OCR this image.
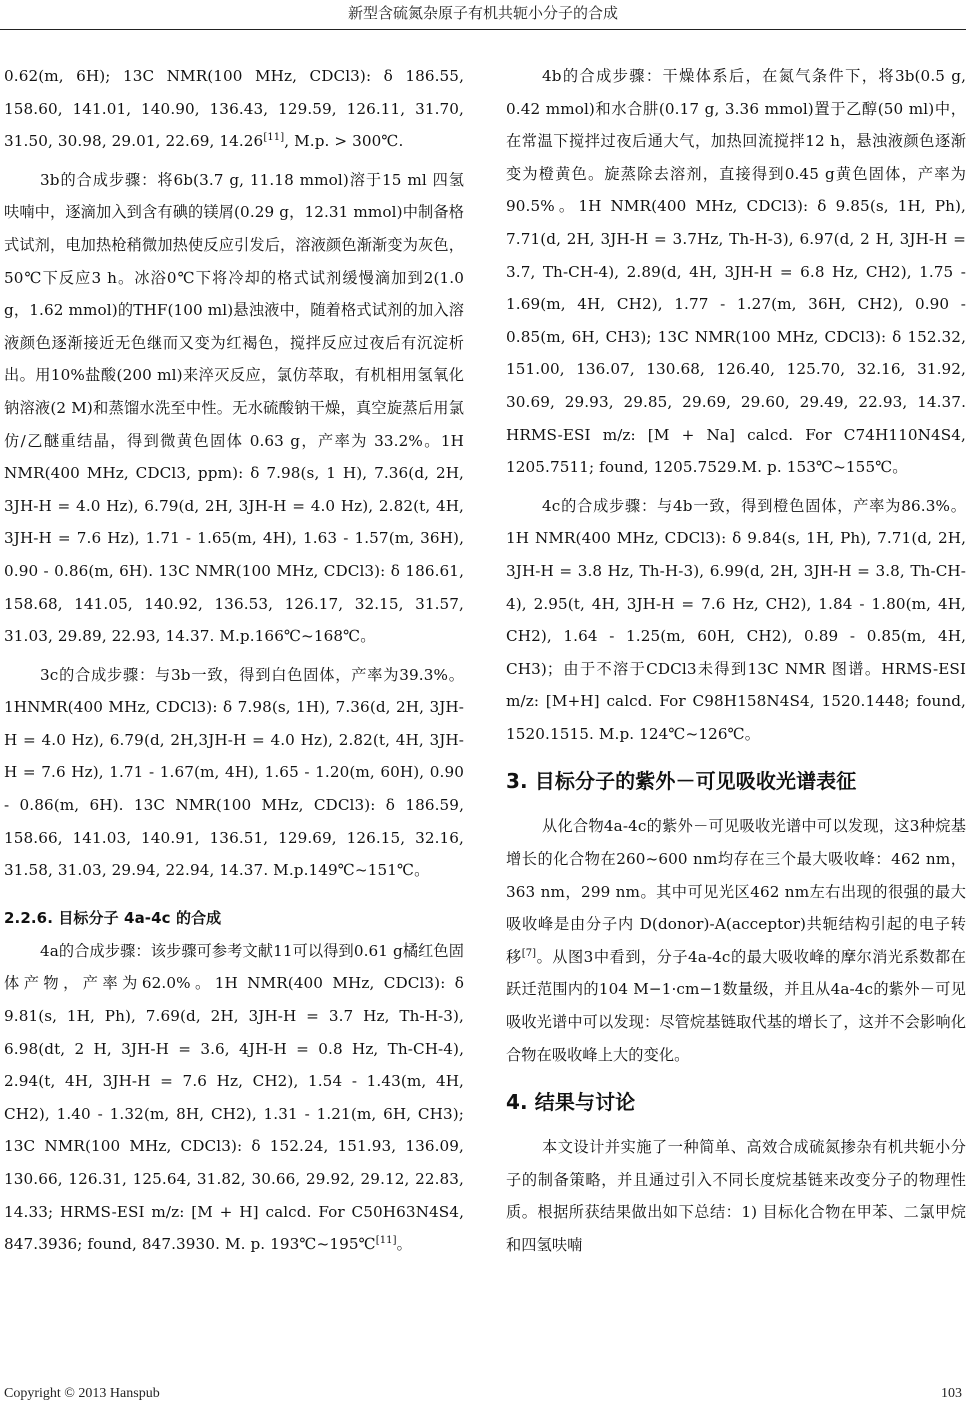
新型含硫氮杂原子有机共轭小分子的合成

0.62(m, 6H); 13C NMR(100 MHz, CDCl3): δ 186.55, 158.60, 141.01, 140.90, 136.43, 129.59, 126.11, 31.70, 31.50, 30.98, 29.01, 22.69, 14.26[11], M.p. > 300℃.

3b的合成步骤：将6b(3.7 g, 11.18 mmol)溶于15 ml 四氢呋喃中，逐滴加入到含有碘的镁屑(0.29 g，12.31 mmol)中制备格式试剂，电加热枪稍微加热使反应引发后，溶液颜色渐渐变为灰色，50℃下反应3 h。冰浴0℃下将冷却的格式试剂缓慢滴加到2(1.0 g，1.62 mmol)的THF(100 ml)悬浊液中，随着格式试剂的加入溶液颜色逐渐接近无色继而又变为红褐色，搅拌反应过夜后有沉淀析出。用10%盐酸(200 ml)来淬灭反应，氯仿萃取，有机相用氢氧化钠溶液(2 M)和蒸馏水洗至中性。无水硫酸钠干燥，真空旋蒸后用氯仿/乙醚重结晶，得到微黄色固体 0.63 g，产率为 33.2%。1H NMR(400 MHz, CDCl3, ppm): δ 7.98(s, 1 H), 7.36(d, 2H, 3JH-H = 4.0 Hz), 6.79(d, 2H, 3JH-H = 4.0 Hz), 2.82(t, 4H, 3JH-H = 7.6 Hz), 1.71 - 1.65(m, 4H), 1.63 - 1.57(m, 36H), 0.90 - 0.86(m, 6H). 13C NMR(100 MHz, CDCl3): δ 186.61, 158.68, 141.05, 140.92, 136.53, 126.17, 32.15, 31.57, 31.03, 29.89, 22.93, 14.37. M.p.166℃~168℃。

3c的合成步骤：与3b一致，得到白色固体，产率为39.3%。1HNMR(400 MHz, CDCl3): δ 7.98(s, 1H), 7.36(d, 2H, 3JH-H = 4.0 Hz), 6.79(d, 2H,3JH-H = 4.0 Hz), 2.82(t, 4H, 3JH-H = 7.6 Hz), 1.71 - 1.67(m, 4H), 1.65 - 1.20(m, 60H), 0.90 - 0.86(m, 6H). 13C NMR(100 MHz, CDCl3): δ 186.59, 158.66, 141.03, 140.91, 136.51, 129.69, 126.15, 32.16, 31.58, 31.03, 29.94, 22.94, 14.37. M.p.149℃~151℃。

2.2.6. 目标分子 4a-4c 的合成

4a的合成步骤：该步骤可参考文献11可以得到0.61 g橘红色固体产物，产率为62.0%。1H NMR(400 MHz, CDCl3): δ 9.81(s, 1H, Ph), 7.69(d, 2H, 3JH-H = 3.7 Hz, Th-H-3), 6.98(dt, 2 H, 3JH-H = 3.6, 4JH-H = 0.8 Hz, Th-CH-4), 2.94(t, 4H, 3JH-H = 7.6 Hz, CH2), 1.54 - 1.43(m, 4H, CH2), 1.40 - 1.32(m, 8H, CH2), 1.31 - 1.21(m, 6H, CH3); 13C NMR(100 MHz, CDCl3): δ 152.24, 151.93, 136.09, 130.66, 126.31, 125.64, 31.82, 30.66, 29.92, 29.12, 22.83, 14.33; HRMS-ESI m/z: [M + H] calcd. For C50H63N4S4, 847.3936; found, 847.3930. M. p. 193℃~195℃[11]。

4b的合成步骤：干燥体系后，在氮气条件下，将3b(0.5 g, 0.42 mmol)和水合肼(0.17 g, 3.36 mmol)置于乙醇(50 ml)中，在常温下搅拌过夜后通大气，加热回流搅拌12 h，悬浊液颜色逐渐变为橙黄色。旋蒸除去溶剂，直接得到0.45 g黄色固体，产率为90.5%。1H NMR(400 MHz, CDCl3): δ 9.85(s, 1H, Ph), 7.71(d, 2H, 3JH-H = 3.7Hz, Th-H-3), 6.97(d, 2 H, 3JH-H = 3.7, Th-CH-4), 2.89(d, 4H, 3JH-H = 6.8 Hz, CH2), 1.75 - 1.69(m, 4H, CH2), 1.77 - 1.27(m, 36H, CH2), 0.90 - 0.85(m, 6H, CH3); 13C NMR(100 MHz, CDCl3): δ 152.32, 151.00, 136.07, 130.68, 126.40, 125.70, 32.16, 31.92, 30.69, 29.93, 29.85, 29.69, 29.60, 29.49, 22.93, 14.37. HRMS-ESI m/z: [M + Na] calcd. For C74H110N4S4, 1205.7511; found, 1205.7529.M. p. 153℃~155℃。

4c的合成步骤：与4b一致，得到橙色固体，产率为86.3%。1H NMR(400 MHz, CDCl3): δ 9.84(s, 1H, Ph), 7.71(d, 2H, 3JH-H = 3.8 Hz, Th-H-3), 6.99(d, 2H, 3JH-H = 3.8, Th-CH-4), 2.95(t, 4H, 3JH-H = 7.6 Hz, CH2), 1.84 - 1.80(m, 4H, CH2), 1.64 - 1.25(m, 60H, CH2), 0.89 - 0.85(m, 4H, CH3)；由于不溶于CDCl3未得到13C NMR 图谱。HRMS-ESI m/z: [M+H] calcd. For C98H158N4S4, 1520.1448; found, 1520.1515. M.p. 124℃~126℃。

3. 目标分子的紫外－可见吸收光谱表征

从化合物4a-4c的紫外－可见吸收光谱中可以发现，这3种烷基增长的化合物在260~600 nm均存在三个最大吸收峰：462 nm，363 nm，299 nm。其中可见光区462 nm左右出现的很强的最大吸收峰是由分子内 D(donor)-A(acceptor)共轭结构引起的电子转移[7]。从图3中看到，分子4a-4c的最大吸收峰的摩尔消光系数都在跃迁范围内的104 M−1·cm−1数量级，并且从4a-4c的紫外－可见吸收光谱中可以发现：尽管烷基链取代基的增长了，这并不会影响化合物在吸收峰上大的变化。

4. 结果与讨论

本文设计并实施了一种简单、高效合成硫氮掺杂有机共轭小分子的制备策略，并且通过引入不同长度烷基链来改变分子的物理性质。根据所获结果做出如下总结：1) 目标化合物在甲苯、二氯甲烷和四氢呋喃

Copyright © 2013 Hanspub	103
